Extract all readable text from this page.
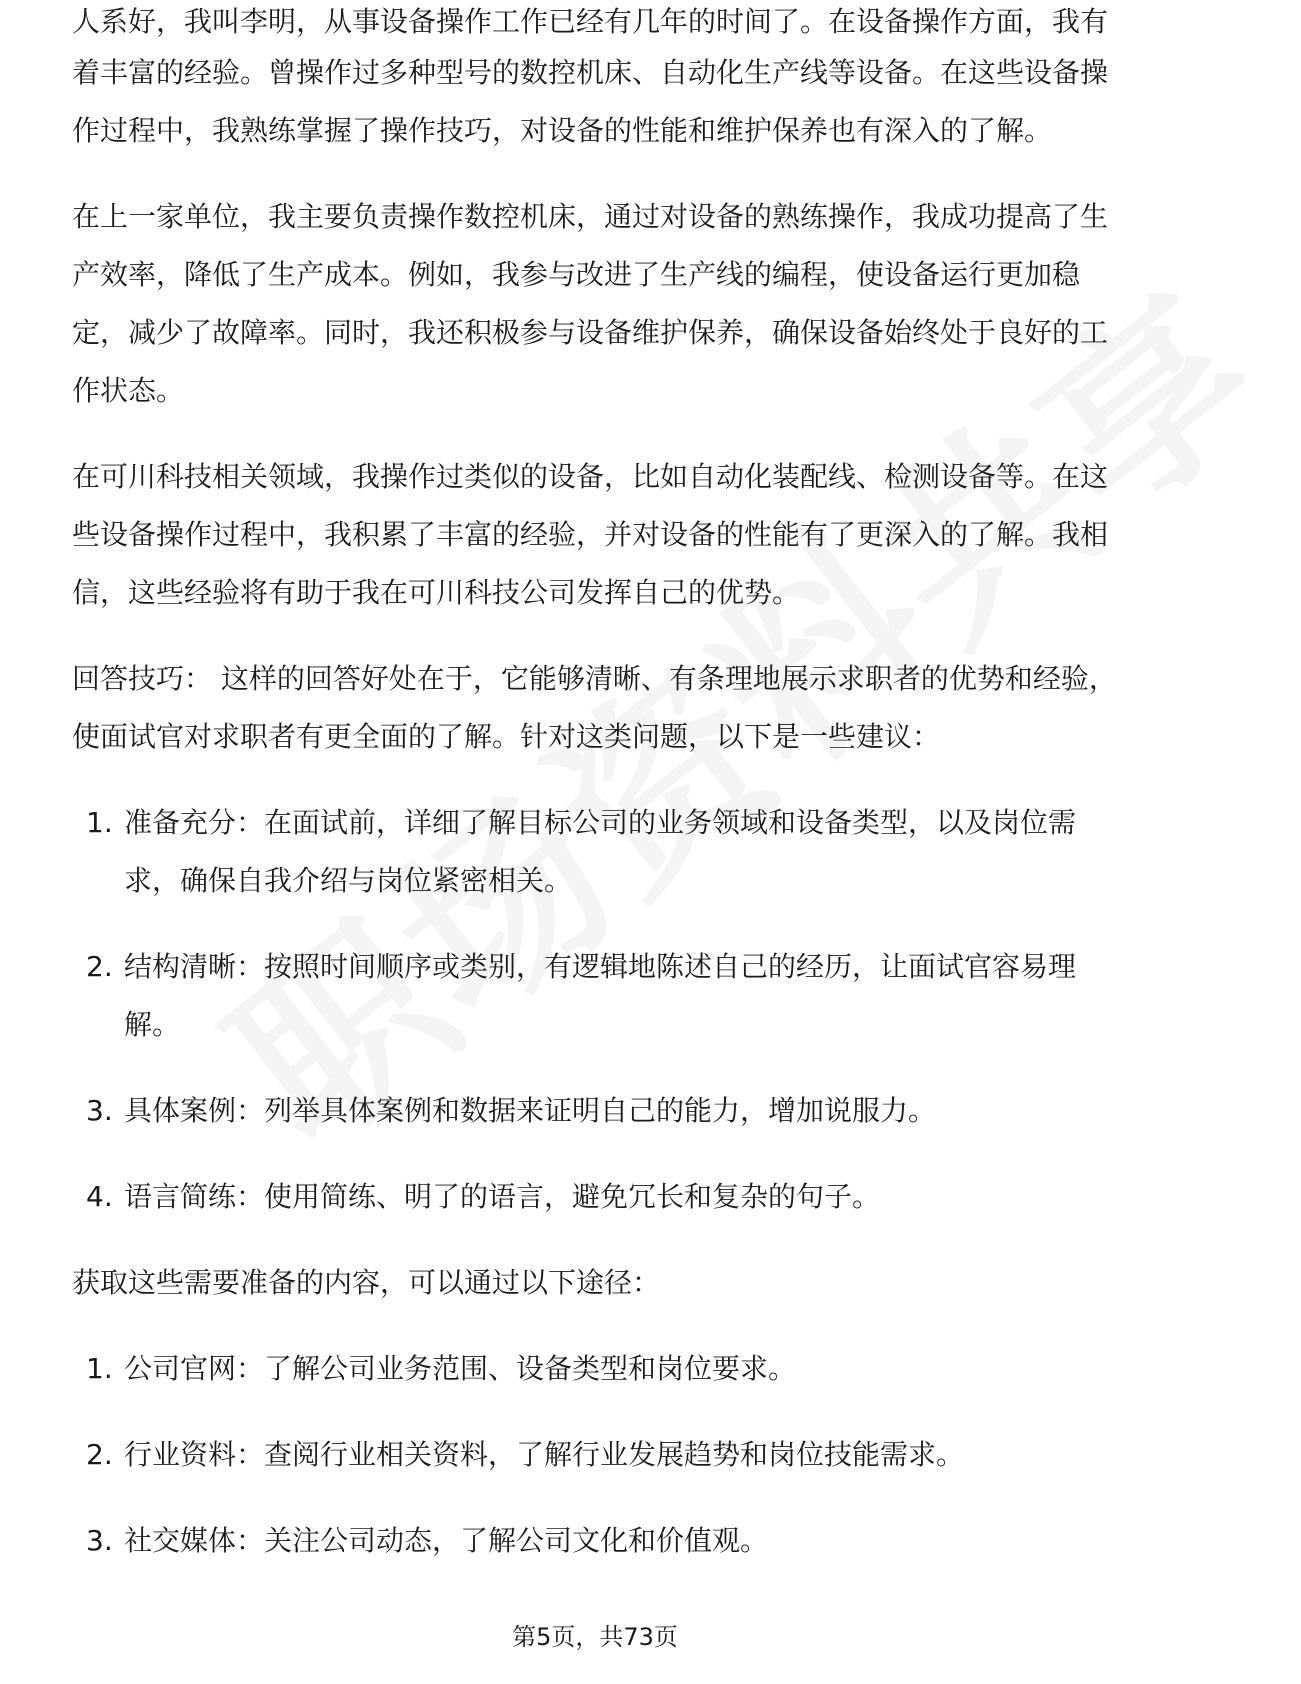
人系好，我叫李明，从事设备操作工作已经有几年的时间了。在设备操作方面，我有

着丰富的经验。曾操作过多种型号的数控机床、自动化生产线等设备。在这些设备操作过程中，我熟练掌握了操作技巧，对设备的性能和维护保养也有深入的了解。

在上一家单位，我主要负责操作数控机床，通过对设备的熟练操作，我成功提高了生产效率，降低了生产成本。例如，我参与改进了生产线的编程，使设备运行更加稳定，减少了故障率。同时，我还积极参与设备维护保养，确保设备始终处于良好的工作状态。

在可川科技相关领域，我操作过类似的设备，比如自动化装配线、检测设备等。在这些设备操作过程中，我积累了丰富的经验，并对设备的性能有了更深入的了解。我相信，这些经验将有助于我在可川科技公司发挥自己的优势。

回答技巧： 这样的回答好处在于，它能够清晰、有条理地展示求职者的优势和经验，使面试官对求职者有更全面的了解。针对这类问题，以下是一些建议：

1. 准备充分：在面试前，详细了解目标公司的业务领域和设备类型，以及岗位需求，确保自我介绍与岗位紧密相关。
2. 结构清晰：按照时间顺序或类别，有逻辑地陈述自己的经历，让面试官容易理解。
3. 具体案例：列举具体案例和数据来证明自己的能力，增加说服力。
4. 语言简练：使用简练、明了的语言，避免冗长和复杂的句子。

获取这些需要准备的内容，可以通过以下途径：

1. 公司官网：了解公司业务范围、设备类型和岗位要求。
2. 行业资料：查阅行业相关资料，了解行业发展趋势和岗位技能需求。
3. 社交媒体：关注公司动态，了解公司文化和价值观。
第5页，共73页
